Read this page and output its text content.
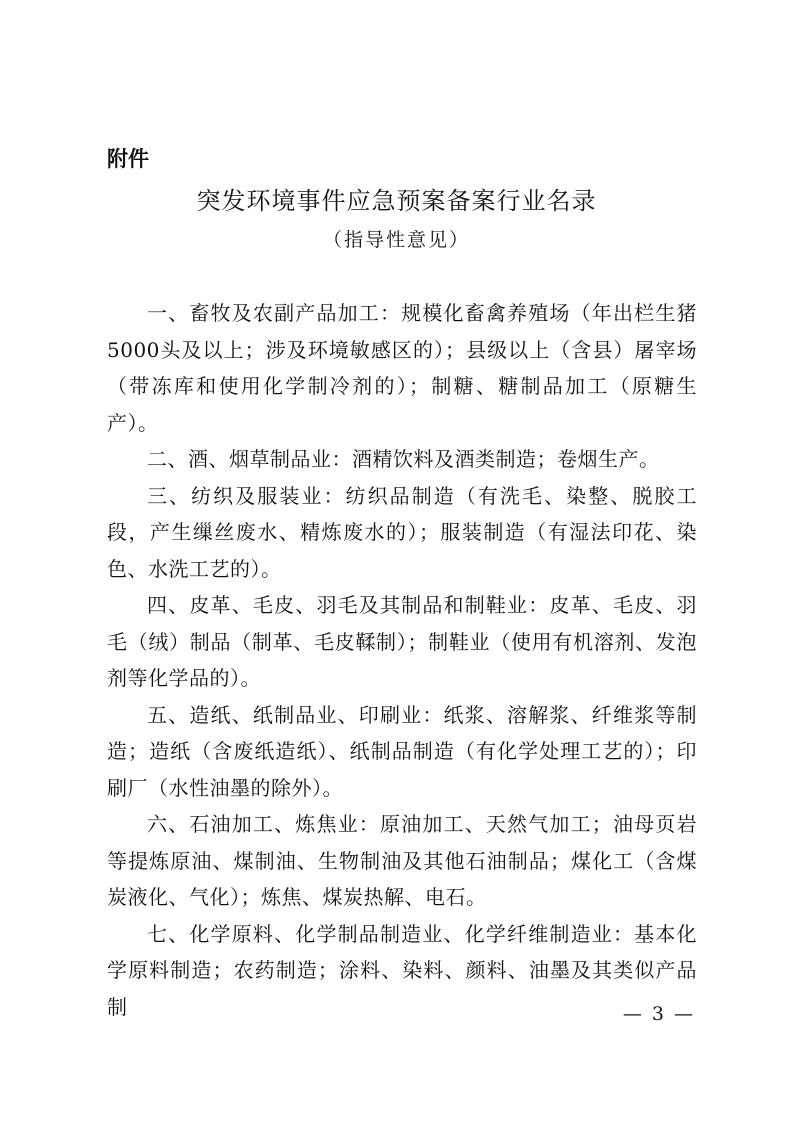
附件
突发环境事件应急预案备案行业名录
（指导性意见）

一、畜牧及农副产品加工：规模化畜禽养殖场（年出栏生猪5000头及以上；涉及环境敏感区的）；县级以上（含县）屠宰场（带冻库和使用化学制冷剂的）；制糖、糖制品加工（原糖生产）。

二、酒、烟草制品业：酒精饮料及酒类制造；卷烟生产。

三、纺织及服装业：纺织品制造（有洗毛、染整、脱胶工段，产生缫丝废水、精炼废水的）；服装制造（有湿法印花、染色、水洗工艺的）。

四、皮革、毛皮、羽毛及其制品和制鞋业：皮革、毛皮、羽毛（绒）制品（制革、毛皮鞣制）；制鞋业（使用有机溶剂、发泡剂等化学品的）。

五、造纸、纸制品业、印刷业：纸浆、溶解浆、纤维浆等制造；造纸（含废纸造纸）、纸制品制造（有化学处理工艺的）；印刷厂（水性油墨的除外）。

六、石油加工、炼焦业：原油加工、天然气加工；油母页岩等提炼原油、煤制油、生物制油及其他石油制品；煤化工（含煤炭液化、气化）；炼焦、煤炭热解、电石。

七、化学原料、化学制品制造业、化学纤维制造业：基本化学原料制造；农药制造；涂料、染料、颜料、油墨及其类似产品制	— 3 —
